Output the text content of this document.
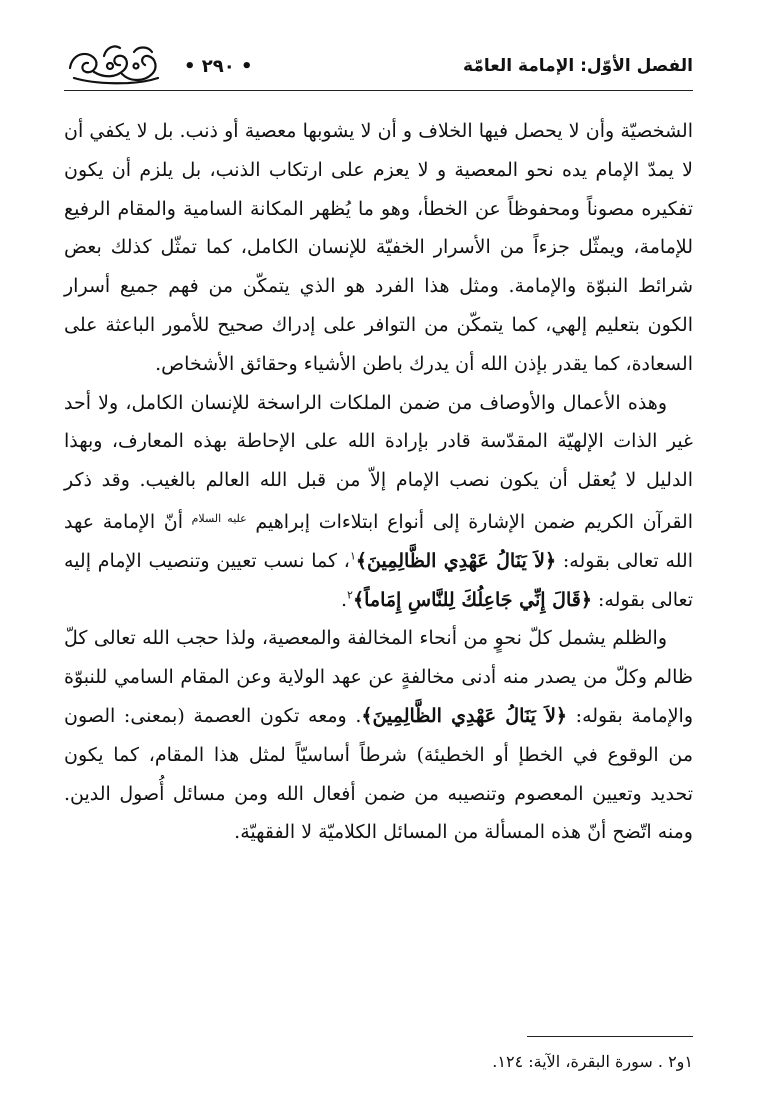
الفصل الأوّل: الإمامة العامّة
• ٢٩٠ •

الشخصيّة وأن لا يحصل فيها الخلاف و أن لا يشوبها معصية أو ذنب. بل لا يكفي أن لا يمدّ الإمام يده نحو المعصية و لا يعزم على ارتكاب الذنب، بل يلزم أن يكون تفكيره مصوناً ومحفوظاً عن الخطأ، وهو ما يُظهر المكانة السامية والمقام الرفيع للإمامة، ويمثّل جزءاً من الأسرار الخفيّة للإنسان الكامل، كما تمثّل كذلك بعض شرائط النبوّة والإمامة. ومثل هذا الفرد هو الذي يتمكّن من فهم جميع أسرار الكون بتعليم إلهي، كما يتمكّن من التوافر على إدراك صحيح للأمور الباعثة على السعادة، كما يقدر بإذن الله أن يدرك باطن الأشياء وحقائق الأشخاص.

وهذه الأعمال والأوصاف من ضمن الملكات الراسخة للإنسان الكامل، ولا أحد غير الذات الإلهيّة المقدّسة قادر بإرادة الله على الإحاطة بهذه المعارف، وبهذا الدليل لا يُعقل أن يكون نصب الإمام إلاّ من قبل الله العالم بالغيب. وقد ذكر القرآن الكريم ضمن الإشارة إلى أنواع ابتلاءات إبراهيم $^{عليه السلام}$ أنّ الإمامة عهد الله تعالى بقوله: ﴿لاَ يَنَالُ عَهْدِي الظَّالِمِينَ﴾$^١$، كما نسب تعيين وتنصيب الإمام إليه تعالى بقوله: ﴿قَالَ إِنِّي جَاعِلُكَ لِلنَّاسِ إِمَاماً﴾$^٢$.

والظلم يشمل كلّ نحوٍ من أنحاء المخالفة والمعصية، ولذا حجب الله تعالى كلّ ظالم وكلّ من يصدر منه أدنى مخالفةٍ عن عهد الولاية وعن المقام السامي للنبوّة والإمامة بقوله: ﴿لاَ يَنَالُ عَهْدِي الظَّالِمِينَ﴾. ومعه تكون العصمة (بمعنى: الصون من الوقوع في الخطإ أو الخطيئة) شرطاً أساسيّاً لمثل هذا المقام، كما يكون تحديد وتعيين المعصوم وتنصيبه من ضمن أفعال الله ومن مسائل أُصول الدين. ومنه اتّضح أنّ هذه المسألة من المسائل الكلاميّة لا الفقهيّة.

١و٢ . سورة البقرة، الآية: ١٢٤.
